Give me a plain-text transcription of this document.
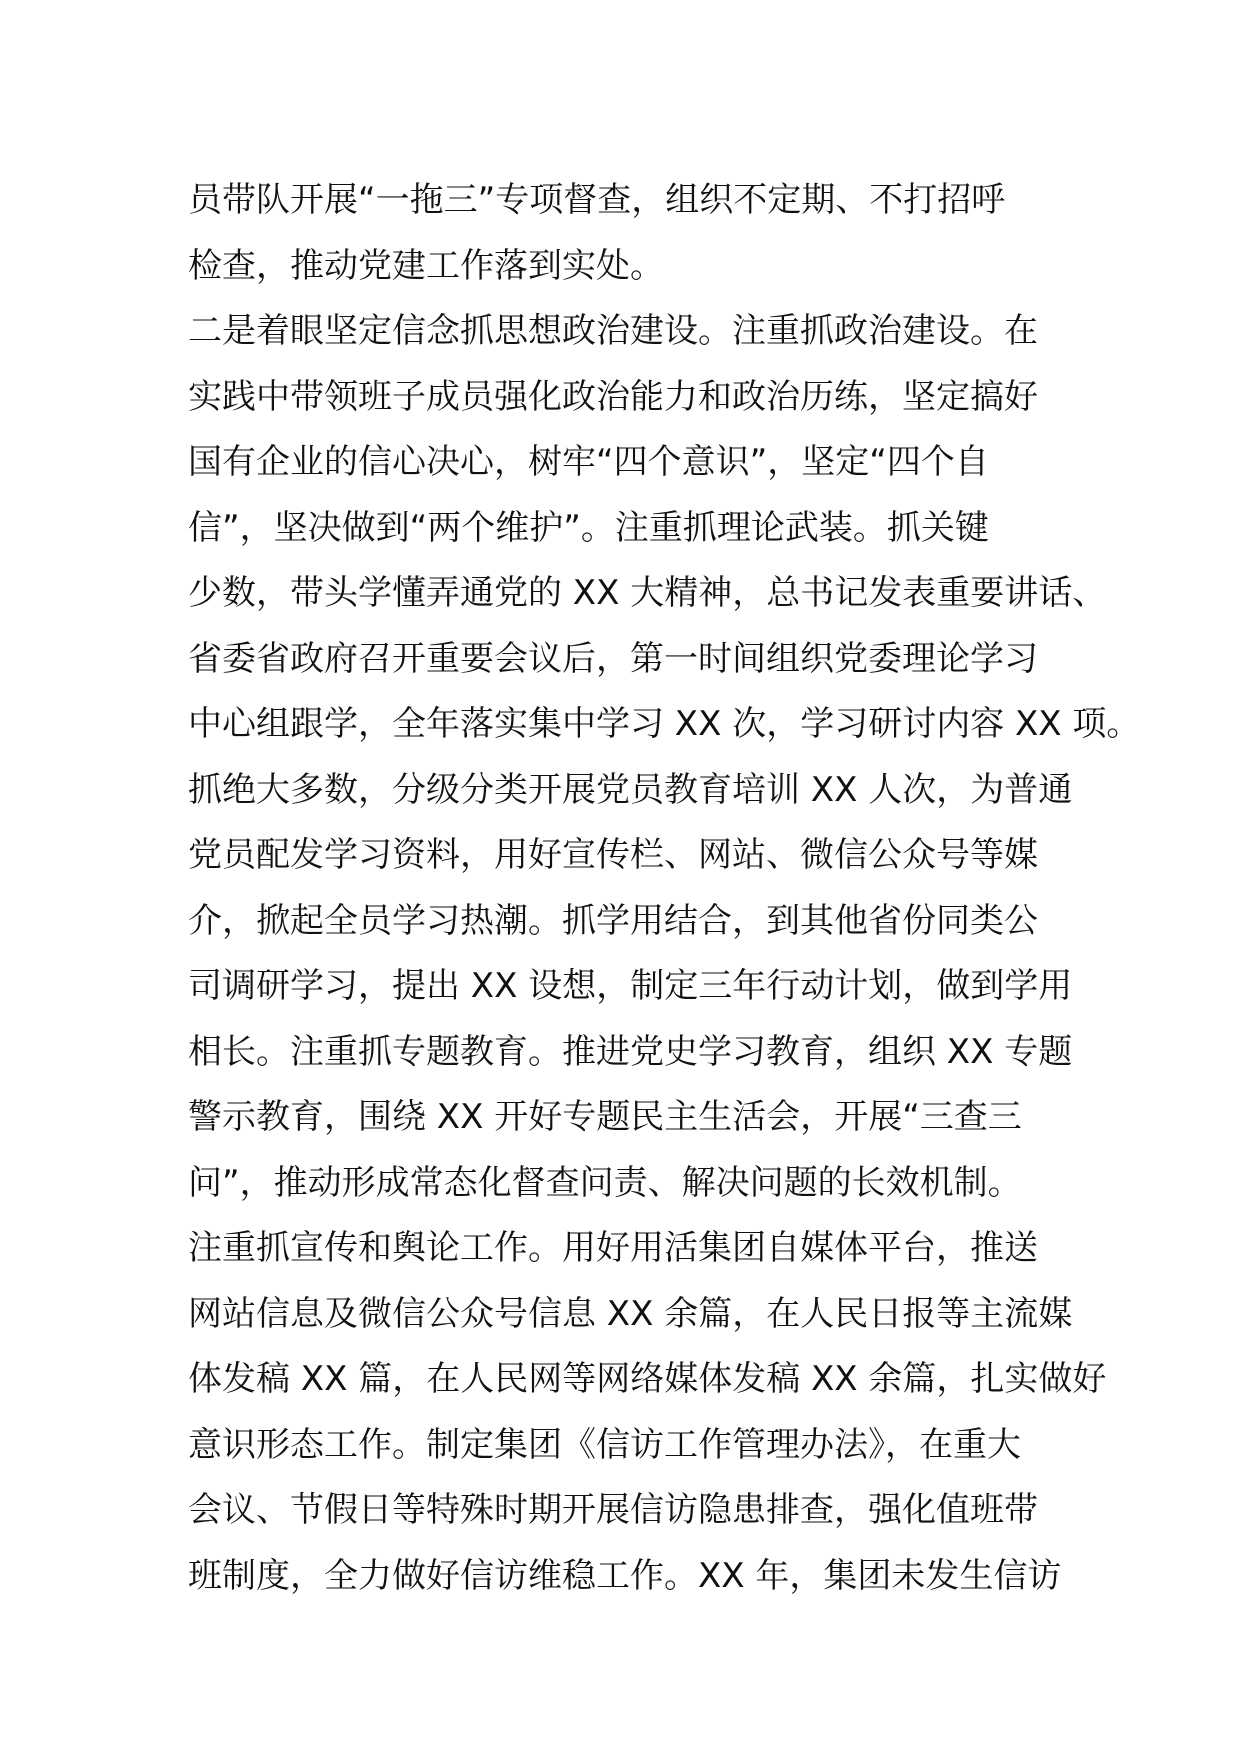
员带队开展“一拖三”专项督查，组织不定期、不打招呼
检查，推动党建工作落到实处。
二是着眼坚定信念抓思想政治建设。注重抓政治建设。在
实践中带领班子成员强化政治能力和政治历练，坚定搞好
国有企业的信心决心，树牢“四个意识”，坚定“四个自
信”，坚决做到“两个维护”。注重抓理论武装。抓关键
少数，带头学懂弄通党的 XX 大精神，总书记发表重要讲话、
省委省政府召开重要会议后，第一时间组织党委理论学习
中心组跟学，全年落实集中学习 XX 次，学习研讨内容 XX 项。
抓绝大多数，分级分类开展党员教育培训 XX 人次，为普通
党员配发学习资料，用好宣传栏、网站、微信公众号等媒
介，掀起全员学习热潮。抓学用结合，到其他省份同类公
司调研学习，提出 XX 设想，制定三年行动计划，做到学用
相长。注重抓专题教育。推进党史学习教育，组织 XX 专题
警示教育，围绕 XX 开好专题民主生活会，开展“三查三
问”，推动形成常态化督查问责、解决问题的长效机制。
注重抓宣传和舆论工作。用好用活集团自媒体平台，推送
网站信息及微信公众号信息 XX 余篇，在人民日报等主流媒
体发稿 XX 篇，在人民网等网络媒体发稿 XX 余篇，扎实做好
意识形态工作。制定集团《信访工作管理办法》，在重大
会议、节假日等特殊时期开展信访隐患排查，强化值班带
班制度，全力做好信访维稳工作。XX 年，集团未发生信访
